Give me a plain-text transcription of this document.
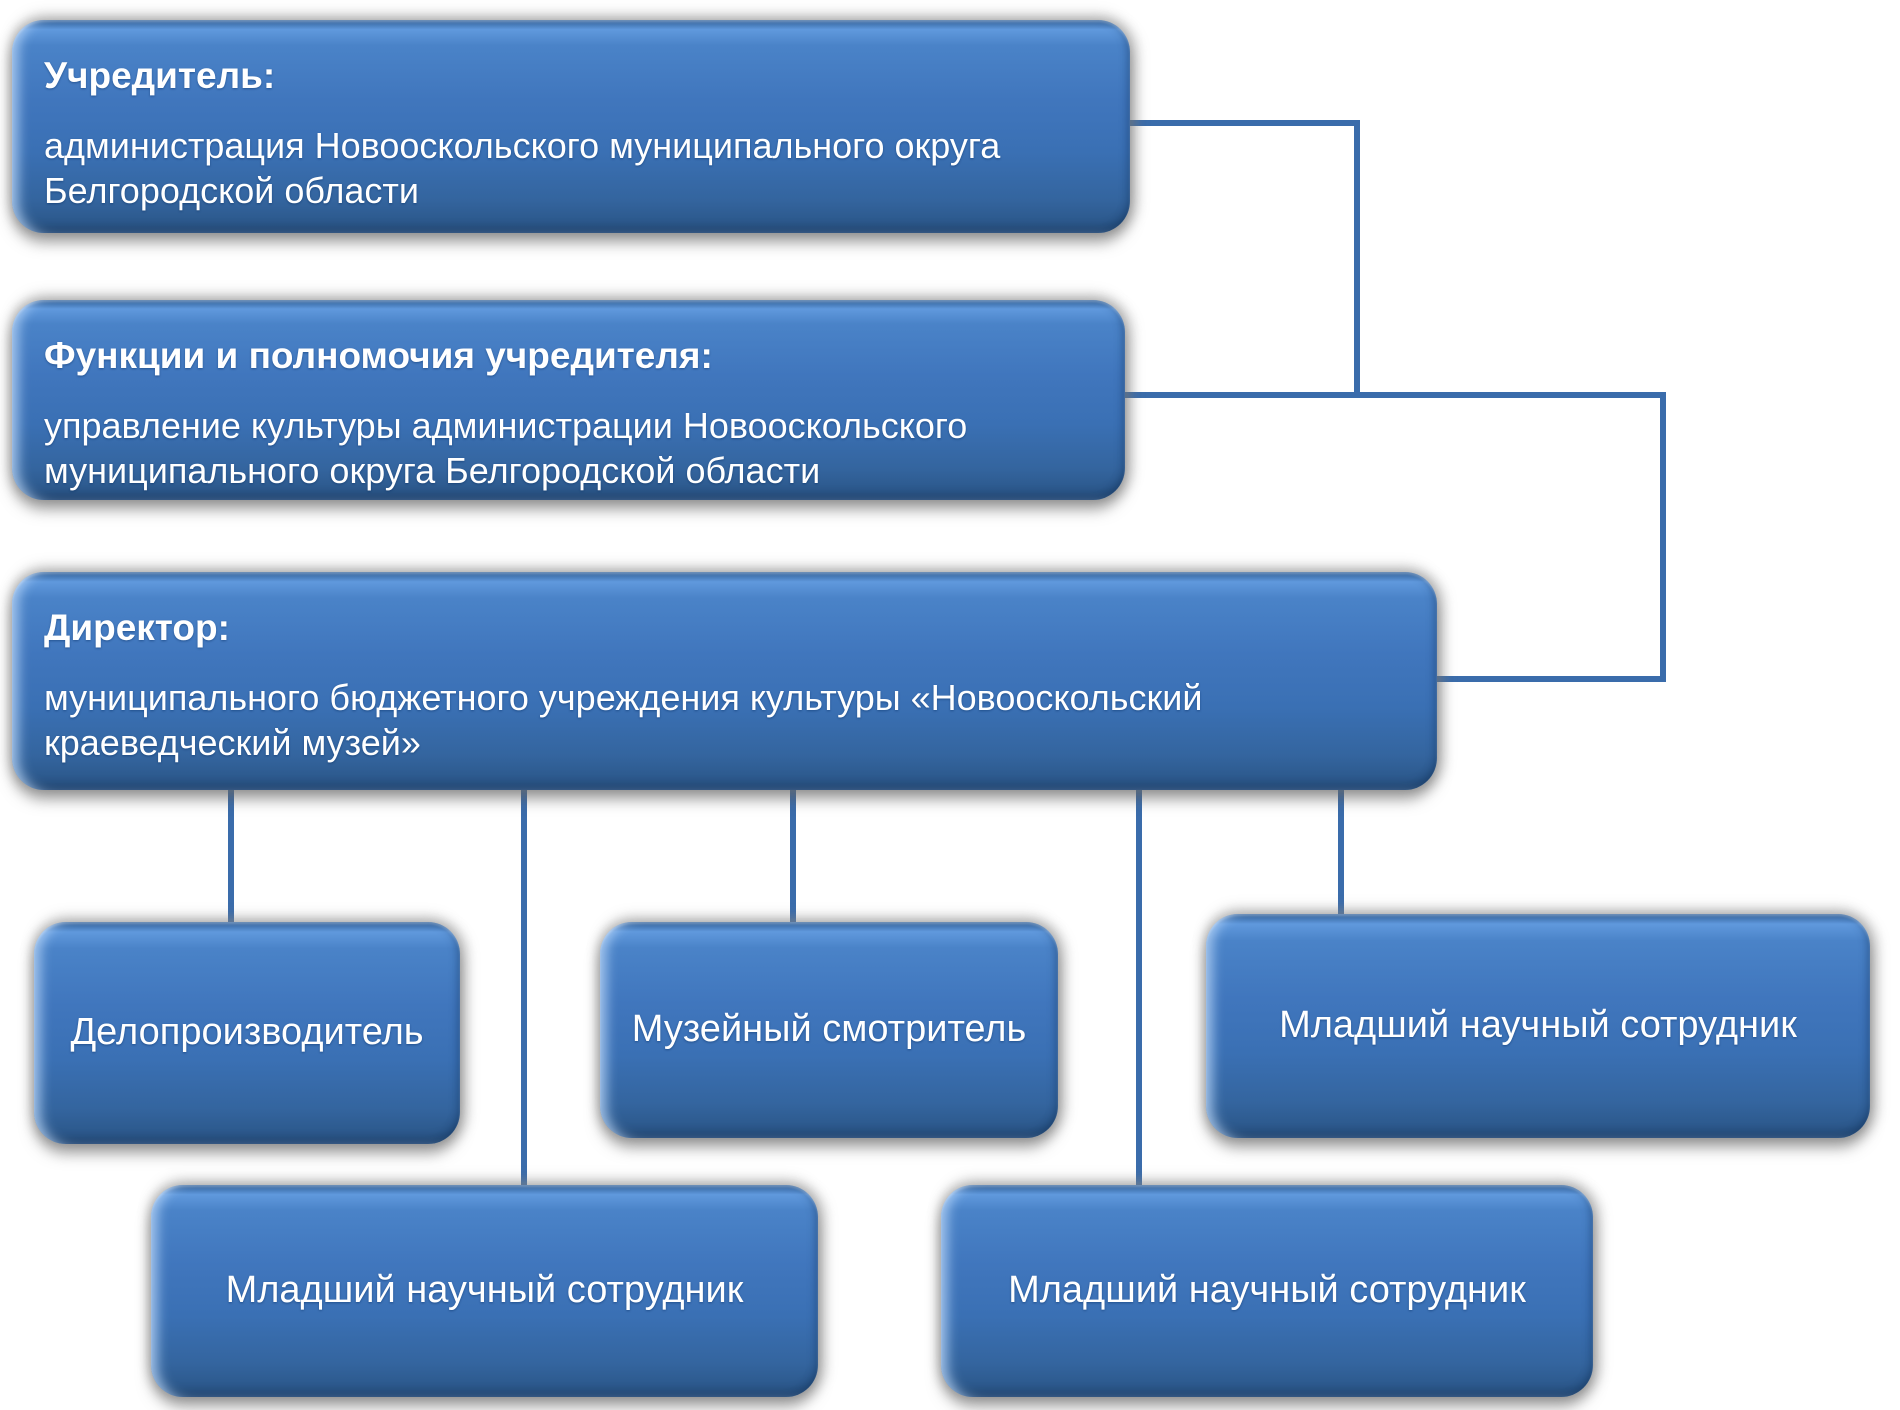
Учредитель:
администрация Новооскольского муниципального округа Белгородской области
Функции и полномочия учредителя:
управление культуры администрации Новооскольского муниципального округа Белгородской области
Директор:
муниципального бюджетного учреждения культуры «Новооскольский краеведческий музей»
Делопроизводитель	Музейный смотритель	Младший научный сотрудник
Младший научный сотрудник	Младший научный сотрудник
